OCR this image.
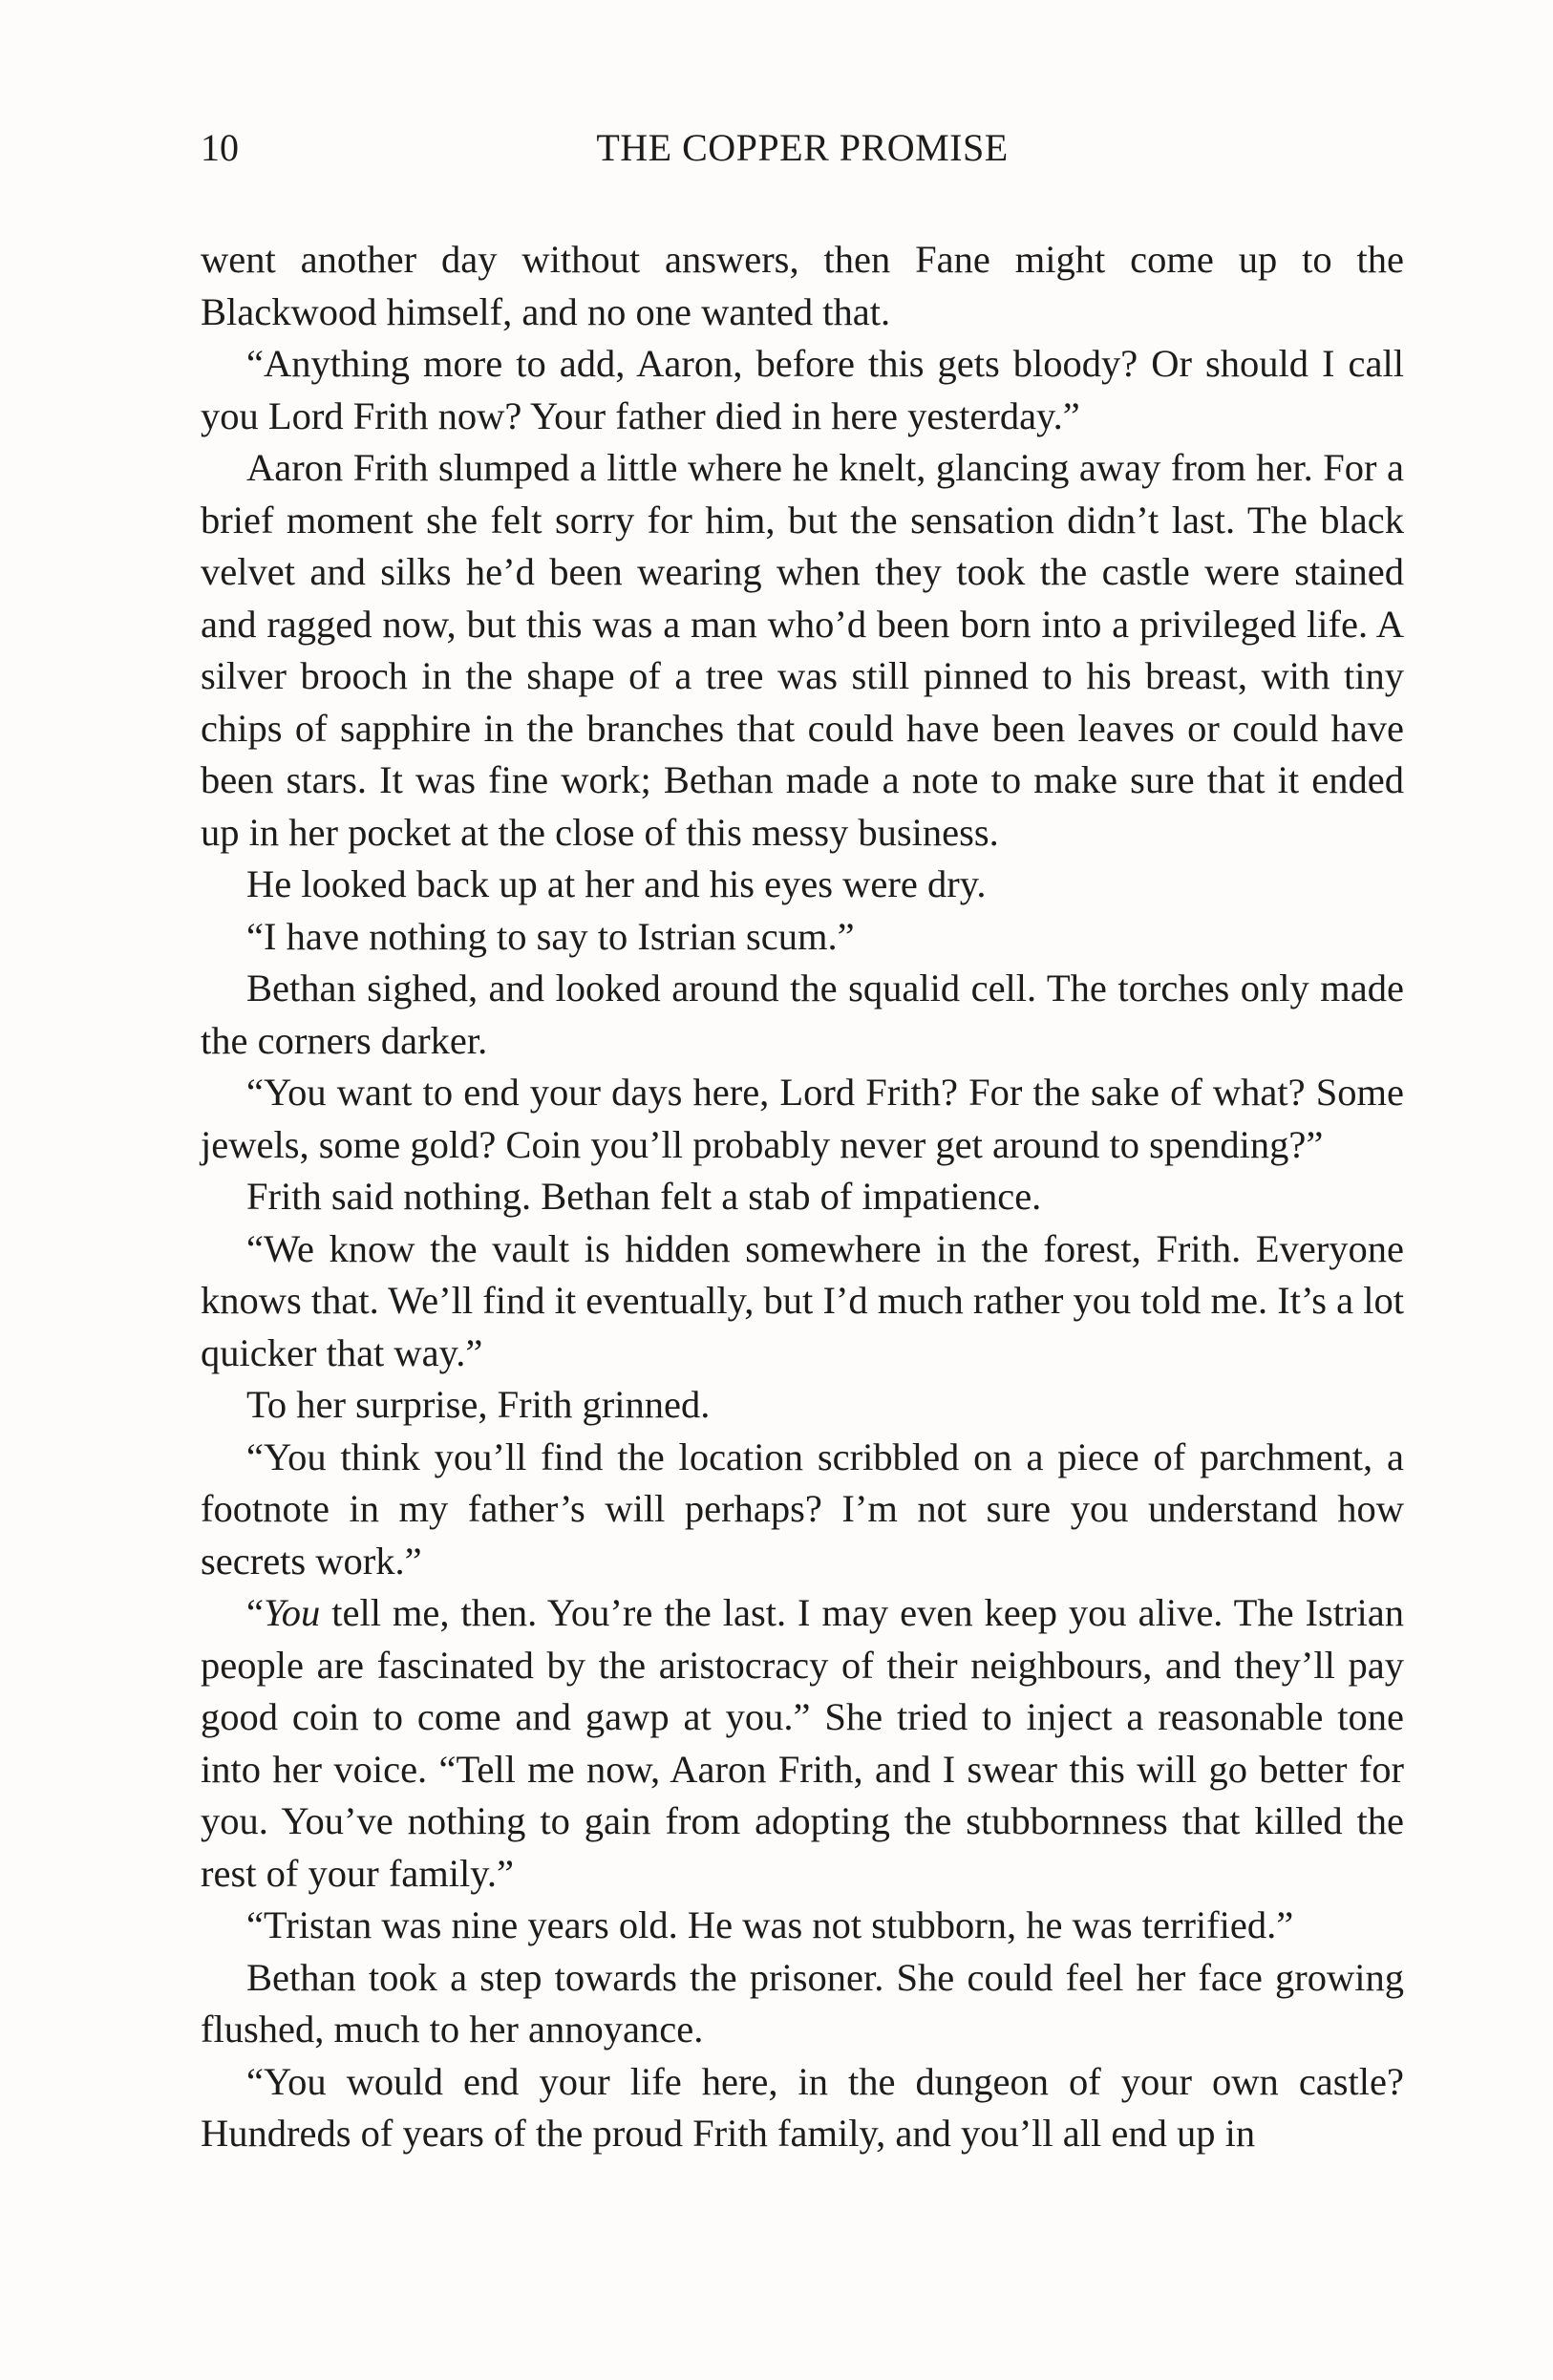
10	THE COPPER PROMISE

went another day without answers, then Fane might come up to the Blackwood himself, and no one wanted that.

“Anything more to add, Aaron, before this gets bloody? Or should I call you Lord Frith now? Your father died in here yesterday.”

Aaron Frith slumped a little where he knelt, glancing away from her. For a brief moment she felt sorry for him, but the sensation didn’t last. The black velvet and silks he’d been wearing when they took the castle were stained and ragged now, but this was a man who’d been born into a privileged life. A silver brooch in the shape of a tree was still pinned to his breast, with tiny chips of sapphire in the branches that could have been leaves or could have been stars. It was fine work; Bethan made a note to make sure that it ended up in her pocket at the close of this messy business.

He looked back up at her and his eyes were dry.

“I have nothing to say to Istrian scum.”

Bethan sighed, and looked around the squalid cell. The torches only made the corners darker.

“You want to end your days here, Lord Frith? For the sake of what? Some jewels, some gold? Coin you’ll probably never get around to spending?”

Frith said nothing. Bethan felt a stab of impatience.

“We know the vault is hidden somewhere in the forest, Frith. Everyone knows that. We’ll find it eventually, but I’d much rather you told me. It’s a lot quicker that way.”

To her surprise, Frith grinned.

“You think you’ll find the location scribbled on a piece of parchment, a footnote in my father’s will perhaps? I’m not sure you understand how secrets work.”

“You tell me, then. You’re the last. I may even keep you alive. The Istrian people are fascinated by the aristocracy of their neighbours, and they’ll pay good coin to come and gawp at you.” She tried to inject a reasonable tone into her voice. “Tell me now, Aaron Frith, and I swear this will go better for you. You’ve nothing to gain from adopting the stubbornness that killed the rest of your family.”

“Tristan was nine years old. He was not stubborn, he was terrified.”

Bethan took a step towards the prisoner. She could feel her face growing flushed, much to her annoyance.

“You would end your life here, in the dungeon of your own castle? Hundreds of years of the proud Frith family, and you’ll all end up in
